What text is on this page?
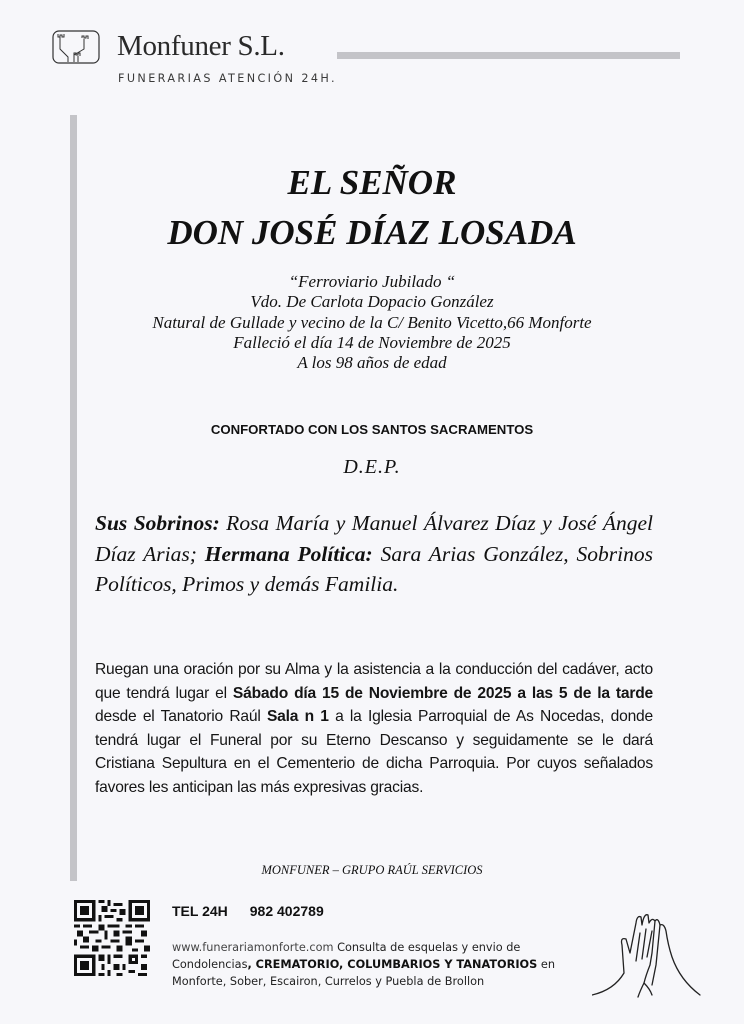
Monfuner S.L.
FUNERARIAS ATENCIÓN 24H.
EL SEÑOR
DON JOSÉ DÍAZ LOSADA
“Ferroviario Jubilado “
Vdo. De Carlota Dopacio González
Natural de Gullade y vecino de la C/ Benito Vicetto,66 Monforte
Falleció el día 14 de Noviembre de 2025
A los 98 años de edad
CONFORTADO CON LOS SANTOS SACRAMENTOS
D.E.P.
Sus Sobrinos: Rosa María y Manuel Álvarez Díaz y José Ángel Díaz Arias; Hermana Política: Sara Arias González, Sobrinos Políticos, Primos y demás Familia.
Ruegan una oración por su Alma y la asistencia a la conducción del cadáver, acto que tendrá lugar el Sábado día 15 de Noviembre de 2025 a las 5 de la tarde desde el Tanatorio Raúl Sala n 1 a la Iglesia Parroquial de As Nocedas, donde tendrá lugar el Funeral por su Eterno Descanso y seguidamente se le dará Cristiana Sepultura en el Cementerio de dicha Parroquia. Por cuyos señalados favores les anticipan las más expresivas gracias.
MONFUNER – GRUPO RAÚL SERVICIOS
TEL 24H 982 402789
www.funerariamonforte.com Consulta de esquelas y envio de Condolencias, CREMATORIO, COLUMBARIOS Y TANATORIOS en Monforte, Sober, Escairon, Currelos y Puebla de Brollon
